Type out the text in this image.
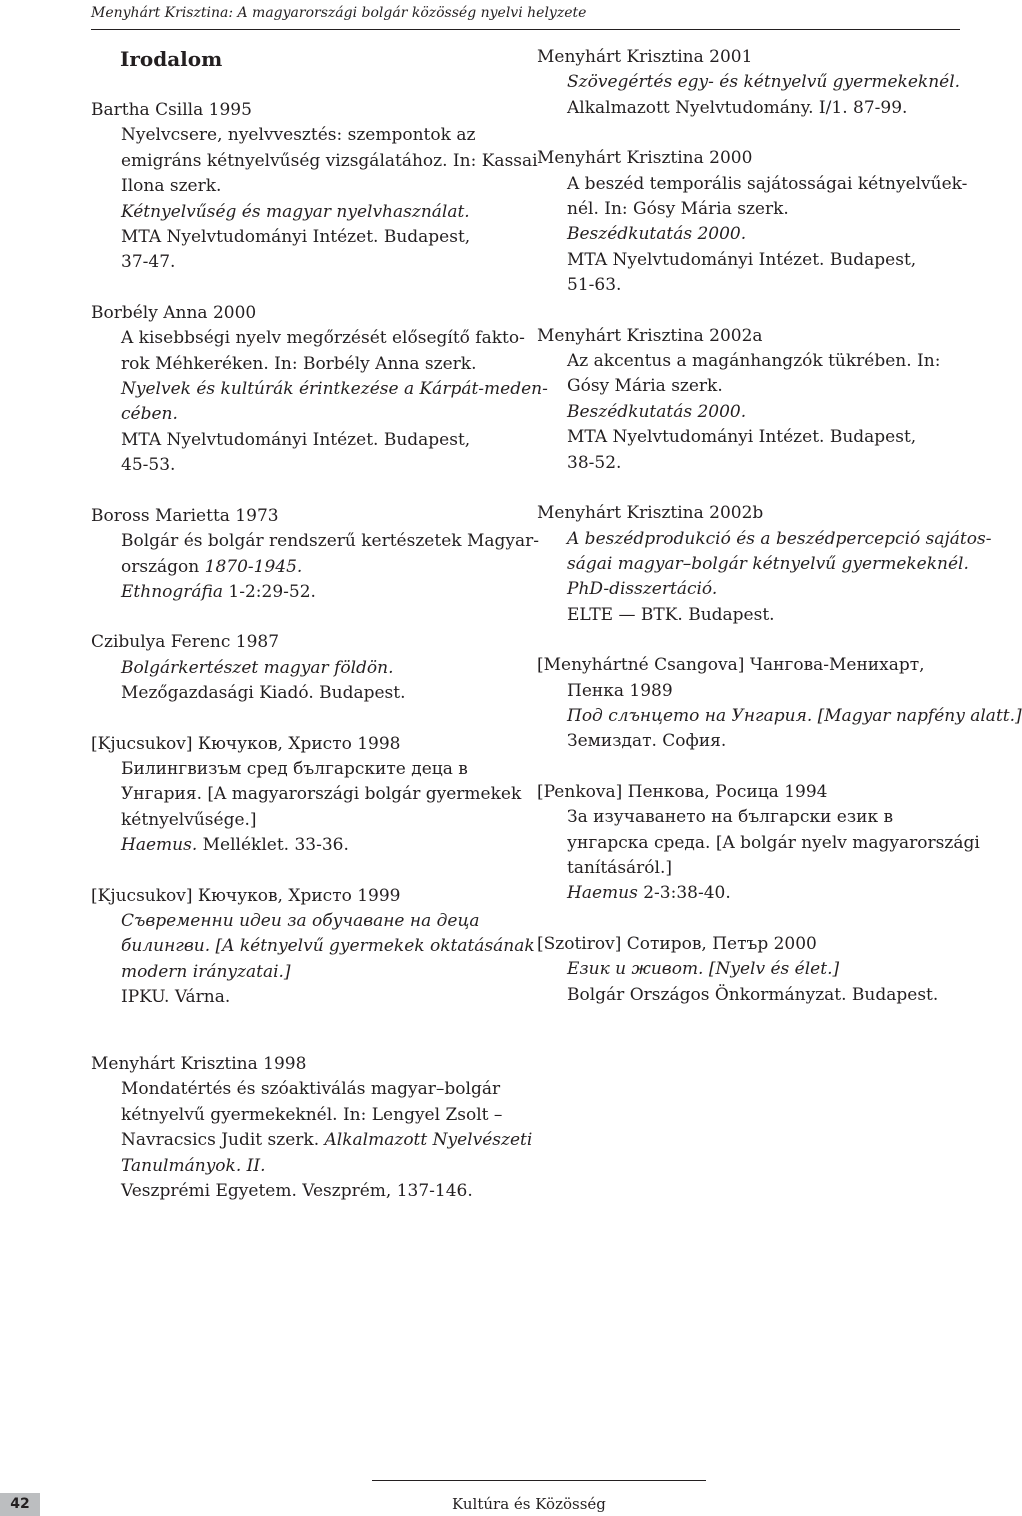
Menyhárt Krisztina: A magyarországi bolgár közösség nyelvi helyzete
Irodalom
Bartha Csilla 1995
Nyelvcsere, nyelvvesztés: szempontok az
emigráns kétnyelvűség vizsgálatához. In: Kassai
Ilona szerk.
Kétnyelvűség és magyar nyelvhasználat.
MTA Nyelvtudományi Intézet. Budapest,
37-47.
Borbély Anna 2000
A kisebbségi nyelv megőrzését elősegítő fakto-
rok Méhkeréken. In: Borbély Anna szerk.
Nyelvek és kultúrák érintkezése a Kárpát-meden-
cében.
MTA Nyelvtudományi Intézet. Budapest,
45-53.
Boross Marietta 1973
Bolgár és bolgár rendszerű kertészetek Magyar-
országon 1870-1945.
Ethnográfia 1-2:29-52.
Czibulya Ferenc 1987
Bolgárkertészet magyar földön.
Mezőgazdasági Kiadó. Budapest.
[Kjucsukov] Кючуков, Христо 1998
Билингвизъм сред българските деца в
Унгария. [A magyarországi bolgár gyermekek
kétnyelvűsége.]
Haemus. Melléklet. 33-36.
[Kjucsukov] Кючуков, Христо 1999
Съвременни идеи за обучаване на деца
билингви. [A kétnyelvű gyermekek oktatásának
modern irányzatai.]
IPKU. Várna.
Menyhárt Krisztina 2001
Szövegértés egy- és kétnyelvű gyermekeknél.
Alkalmazott Nyelvtudomány. I/1. 87-99.
Menyhárt Krisztina 2000
A beszéd temporális sajátosságai kétnyelvűek-
nél. In: Gósy Mária szerk.
Beszédkutatás 2000.
MTA Nyelvtudományi Intézet. Budapest,
51-63.
Menyhárt Krisztina 2002a
Az akcentus a magánhangzók tükrében. In:
Gósy Mária szerk.
Beszédkutatás 2000.
MTA Nyelvtudományi Intézet. Budapest,
38-52.
Menyhárt Krisztina 2002b
A beszédprodukció és a beszédpercepció sajátos-
ságai magyar–bolgár kétnyelvű gyermekeknél.
PhD-disszertáció.
ELTE — BTK. Budapest.
[Menyhártné Csangova] Чангова-Менихарт,
Пенка 1989
Под слънцето на Унгария. [Magyar napfény alatt.]
Земиздат. София.
[Penkova] Пенкова, Росица 1994
За изучаването на български език в
унгарска среда. [A bolgár nyelv magyarországi
tanításáról.]
Haemus 2-3:38-40.
[Szotirov] Сотиров, Петър 2000
Език и живот. [Nyelv és élet.]
Bolgár Országos Önkormányzat. Budapest.
Menyhárt Krisztina 1998
Mondatértés és szóaktiválás magyar–bolgár
kétnyelvű gyermekeknél. In: Lengyel Zsolt –
Navracsics Judit szerk. Alkalmazott Nyelvészeti
Tanulmányok. II.
Veszprémi Egyetem. Veszprém, 137-146.
42	Kultúra és Közösség
